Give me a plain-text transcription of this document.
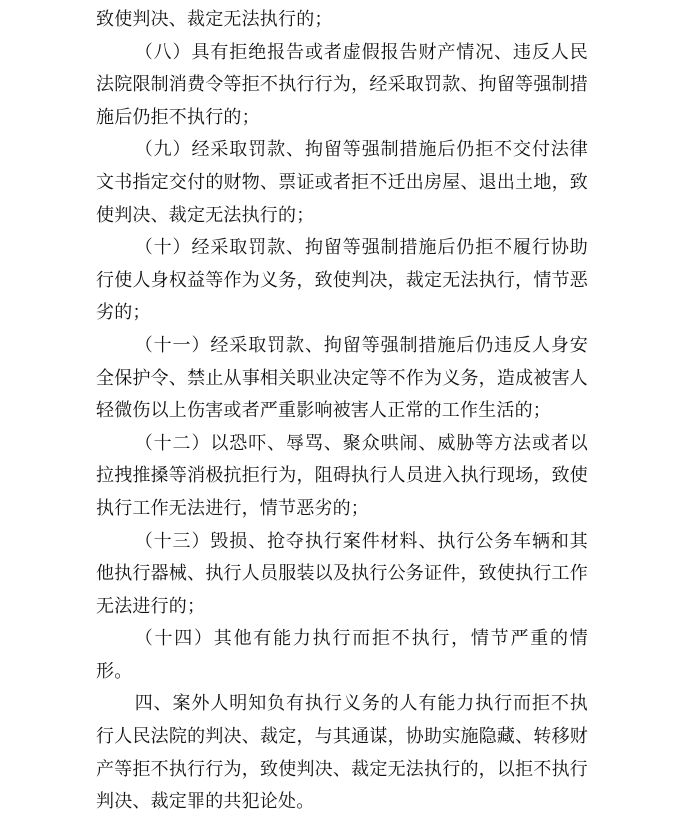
致使判决、裁定无法执行的；

（八）具有拒绝报告或者虚假报告财产情况、违反人民法院限制消费令等拒不执行行为，经采取罚款、拘留等强制措施后仍拒不执行的；

（九）经采取罚款、拘留等强制措施后仍拒不交付法律文书指定交付的财物、票证或者拒不迁出房屋、退出土地，致使判决、裁定无法执行的；

（十）经采取罚款、拘留等强制措施后仍拒不履行协助行使人身权益等作为义务，致使判决，裁定无法执行，情节恶劣的；

（十一）经采取罚款、拘留等强制措施后仍违反人身安全保护令、禁止从事相关职业决定等不作为义务，造成被害人轻微伤以上伤害或者严重影响被害人正常的工作生活的；

（十二）以恐吓、辱骂、聚众哄闹、威胁等方法或者以拉拽推搡等消极抗拒行为，阻碍执行人员进入执行现场，致使执行工作无法进行，情节恶劣的；

（十三）毁损、抢夺执行案件材料、执行公务车辆和其他执行器械、执行人员服装以及执行公务证件，致使执行工作无法进行的；

（十四）其他有能力执行而拒不执行，情节严重的情形。

四、案外人明知负有执行义务的人有能力执行而拒不执行人民法院的判决、裁定，与其通谋，协助实施隐藏、转移财产等拒不执行行为，致使判决、裁定无法执行的，以拒不执行判决、裁定罪的共犯论处。
